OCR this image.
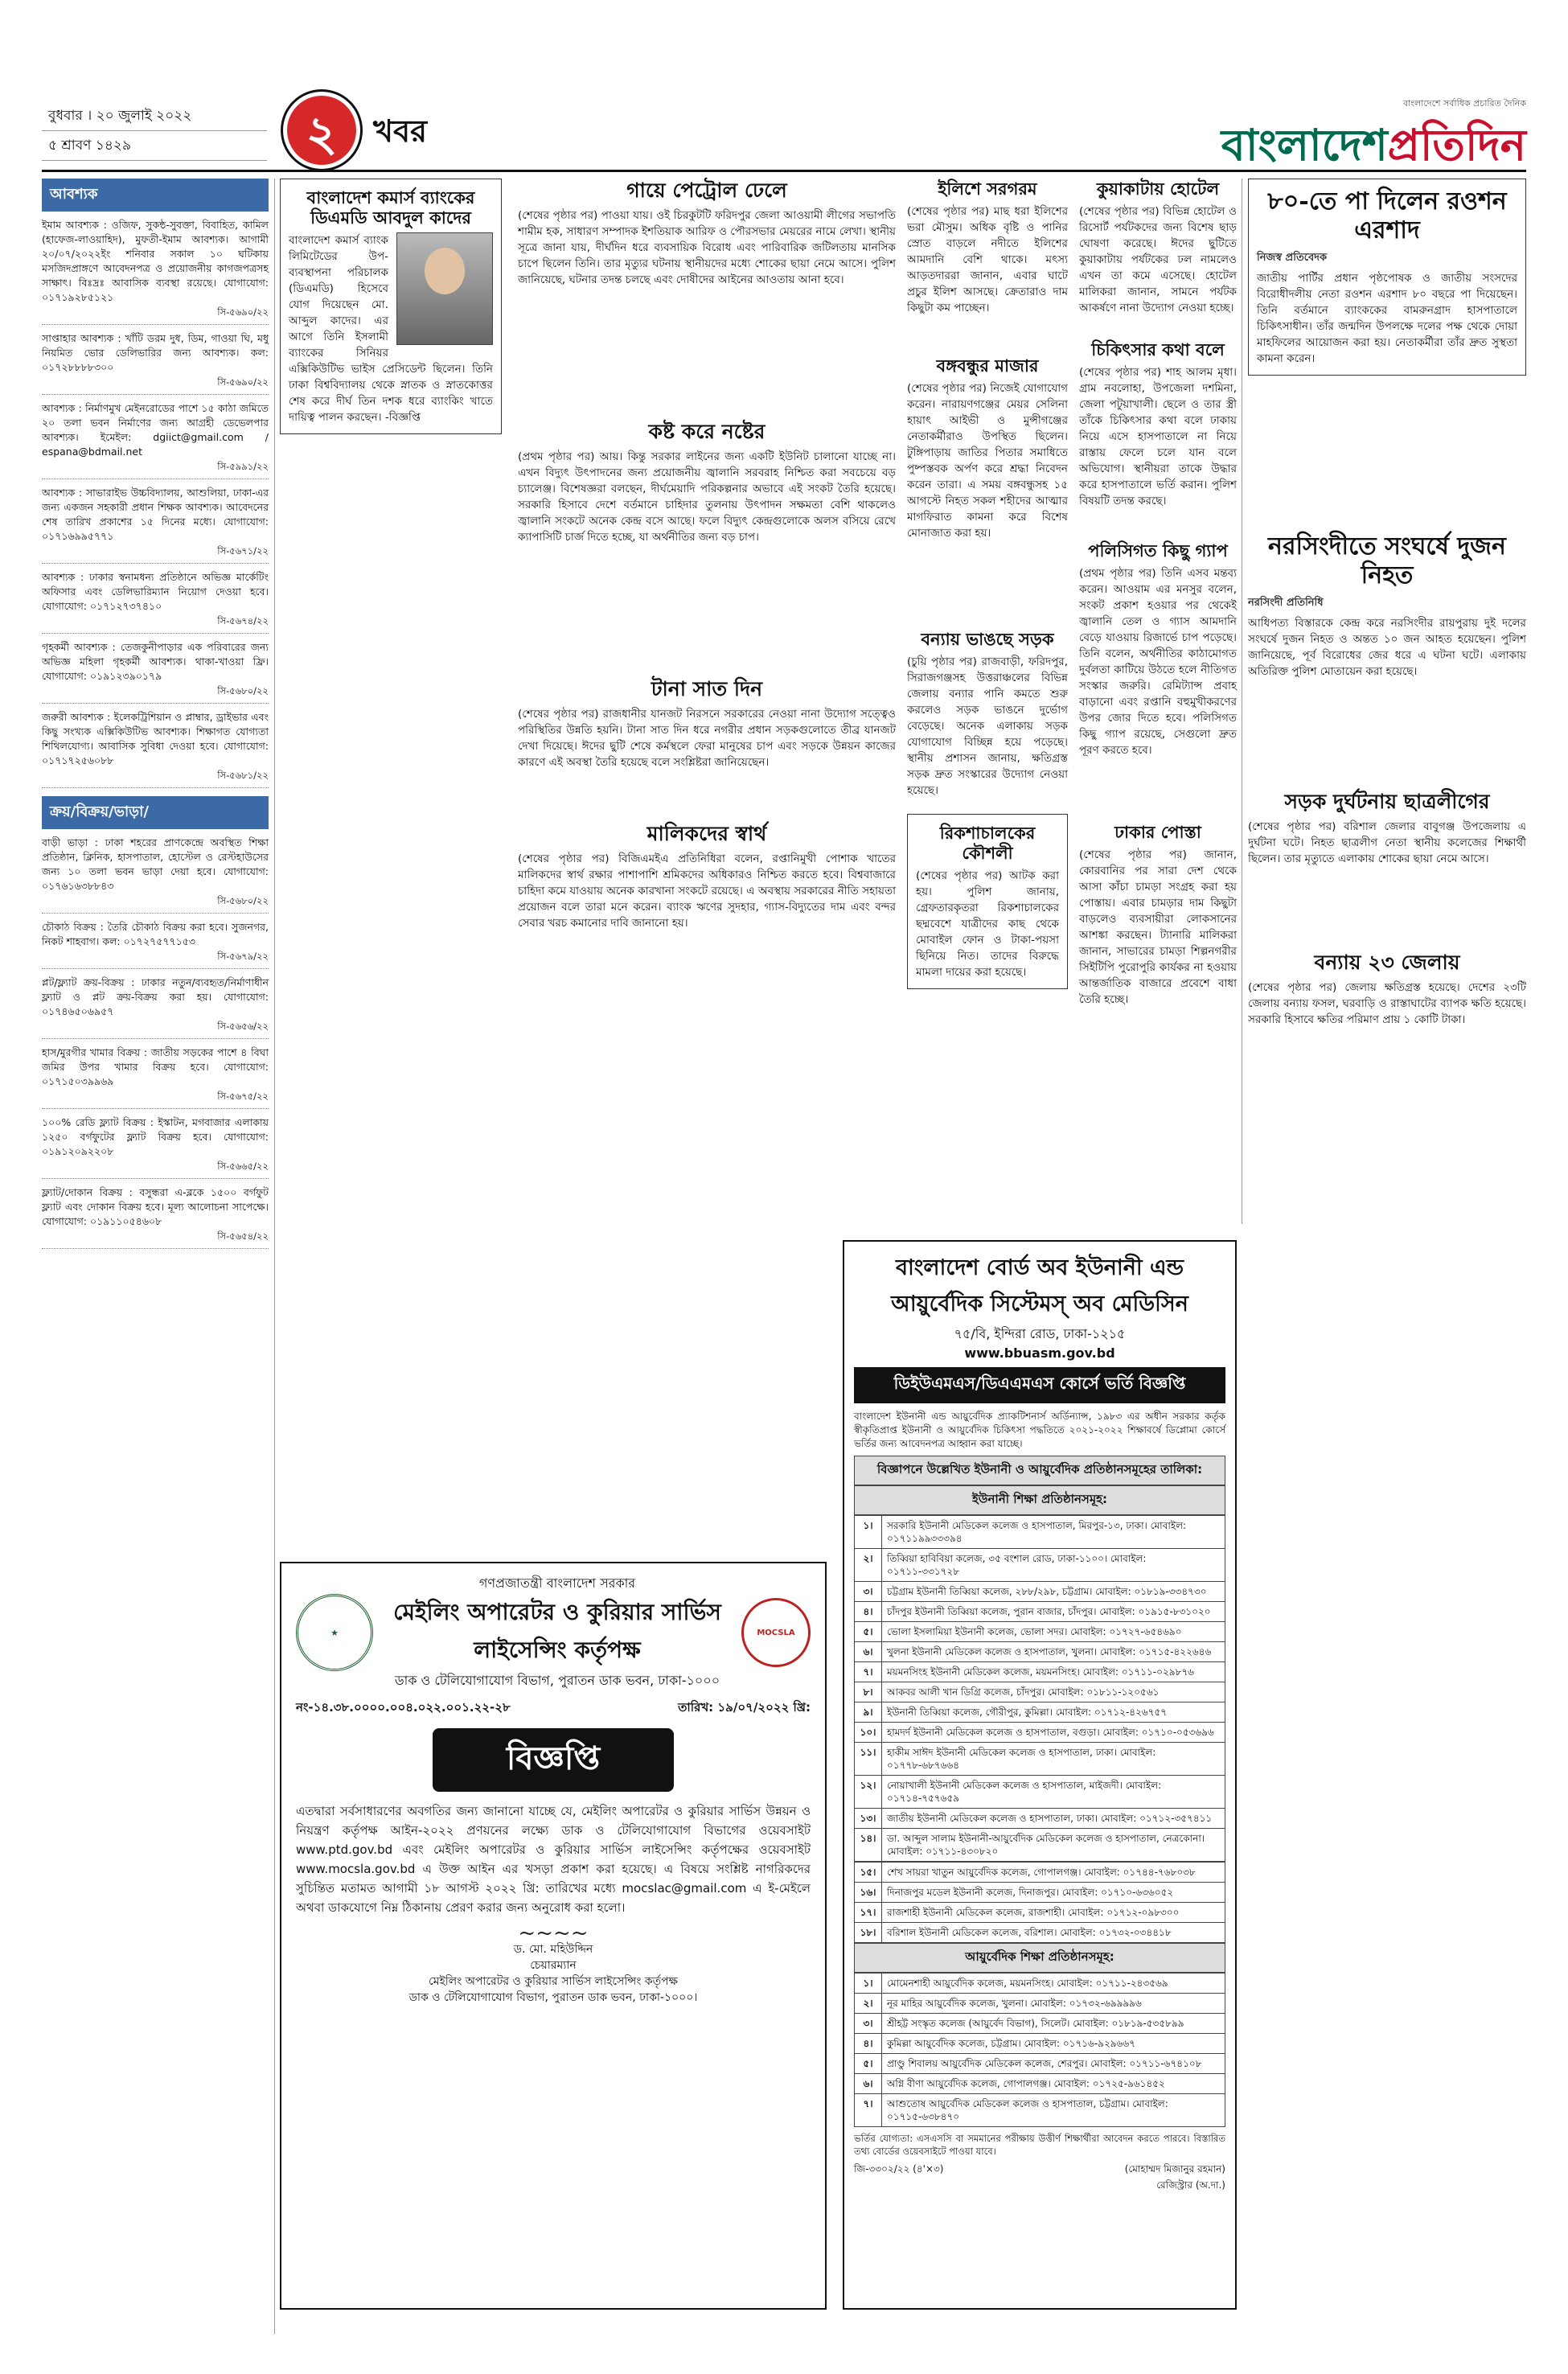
বুধবার । ২০ জুলাই ২০২২
৫ শ্রাবণ ১৪২৯	২	খবর
বাংলাদেশে সর্বাধিক প্রচারিত দৈনিক
বাংলাদেশপ্রতিদিন
আবশ্যক
ইমাম আবশ্যক : ওজিফ, সুকন্ঠ-সুবক্তা, বিবাহিত, কামিল (হাফেজ-লাওয়াহিদ), মুফতী-ইমাম আবশ্যক। আগামী ২০/০৭/২০২২ইং শনিবার সকাল ১০ ঘটিকায় মসজিদপ্রাঙ্গণে আবেদনপত্র ও প্রয়োজনীয় কাগজপত্রসহ সাক্ষাৎ। বিঃদ্রঃ আবাসিক ব্যবস্থা রয়েছে। যোগাযোগ: ০১৭১৯২৮৫১২১
সি-৫৬৯০/২২
সাপ্তাহার আবশ্যক : খাঁটি ডরম দুধ, ডিম, গাওয়া ঘি, মধু নিয়মিত ভোর ডেলিভারির জন্য আবশ্যক। কল: ০১৭২৮৮৮৮৩০০
সি-৫৬৯০/২২
আবশ্যক : নির্মাণমুখ মেইনরোডের পাশে ১৫ কাঠা জমিতে ২০ তলা ভবন নির্মাণের জন্য আগ্রহী ডেভেলপার আবশ্যক। ইমেইল: dgiict@gmail.com / espana@bdmail.net
সি-৫৯৯১/২২
আবশ্যক : সাভারাইভ উচ্চবিদ্যালয়, আশুলিয়া, ঢাকা-এর জন্য একজন সহকারী প্রধান শিক্ষক আবশ্যক। আবেদনের শেষ তারিখ প্রকাশের ১৫ দিনের মধ্যে। যোগাযোগ: ০১৭১৬৯৯৫৭৭১
সি-৫৬৭১/২২
আবশ্যক : ঢাকার স্বনামধন্য প্রতিষ্ঠানে অভিজ্ঞ মার্কেটিং অফিসার এবং ডেলিভারিম্যান নিয়োগ দেওয়া হবে। যোগাযোগ: ০১৭১২৭৩৭৪১০
সি-৫৬৭৪/২২
গৃহকর্মী আবশ্যক : তেজকুনীপাড়ার এক পরিবারের জন্য অভিজ্ঞ মহিলা গৃহকর্মী আবশ্যক। থাকা-খাওয়া ফ্রি। যোগাযোগ: ০১৯১২৩৯০১৭৯
সি-৫৬৮০/২২
জরুরী আবশ্যক : ইলেকট্রিশিয়ান ও প্লাম্বার, ড্রাইভার এবং কিছু সংখ্যক এক্সিকিউটিভ আবশ্যক। শিক্ষাগত যোগ্যতা শিথিলযোগ্য। আবাসিক সুবিধা দেওয়া হবে। যোগাযোগ: ০১৭১৭২৫৬০৮৮
সি-৫৬৮১/২২
ক্রয়/বিক্রয়/ভাড়া/
বাড়ী ভাড়া : ঢাকা শহরের প্রাণকেন্দ্রে অবস্থিত শিক্ষা প্রতিষ্ঠান, ক্লিনিক, হাসপাতাল, হোস্টেল ও রেস্টহাউসের জন্য ১০ তলা ভবন ভাড়া দেয়া হবে। যোগাযোগ: ০১৭৬১৬৩৮৮৪৩
সি-৫৬৮০/২২
চৌকাঠ বিক্রয় : তৈরি চৌকাঠ বিক্রয় করা হবে। সুজনগর, নিকট শাহবাগ। কল: ০১৭২৭৫৭৭১৫৩
সি-৫৬৭৯/২২
প্লট/ফ্ল্যাট ক্রয়-বিক্রয় : ঢাকার নতুন/ব্যবহৃত/নির্মাণাধীন ফ্ল্যাট ও প্লট ক্রয়-বিক্রয় করা হয়। যোগাযোগ: ০১৭৪৬৫০৬৯৫৭
সি-৫৬৫৬/২২
হাস/মুরগীর খামার বিক্রয় : জাতীয় সড়কের পাশে ৪ বিঘা জমির উপর খামার বিক্রয় হবে। যোগাযোগ: ০১৭১৫০৩৯৯৬৯
সি-৫৬৭৫/২২
১০০% রেডি ফ্ল্যাট বিক্রয় : ইস্কাটন, মগবাজার এলাকায় ১২৫০ বর্গফুটের ফ্ল্যাট বিক্রয় হবে। যোগাযোগ: ০১৯১২০৯২২০৮
সি-৫৬৬৫/২২
ফ্ল্যাট/দোকান বিক্রয় : বসুন্ধরা এ-ব্লকে ১৫০০ বর্গফুট ফ্ল্যাট এবং দোকান বিক্রয় হবে। মূল্য আলোচনা সাপেক্ষে। যোগাযোগ: ০১৯১১০৫৪৬০৮
সি-৫৬৫৪/২২
বাংলাদেশ কমার্স ব্যাংকের ডিএমডি আবদুল কাদের

বাংলাদেশ কমার্স ব্যাংক লিমিটেডের উপ-ব্যবস্থাপনা পরিচালক (ডিএমডি) হিসেবে যোগ দিয়েছেন মো. আব্দুল কাদের। এর আগে তিনি ইসলামী ব্যাংকের সিনিয়র এক্সিকিউটিভ ভাইস প্রেসিডেন্ট ছিলেন। তিনি ঢাকা বিশ্ববিদ্যালয় থেকে স্নাতক ও স্নাতকোত্তর শেষ করে দীর্ঘ তিন দশক ধরে ব্যাংকিং খাতে দায়িত্ব পালন করছেন। -বিজ্ঞপ্তি

গায়ে পেট্রোল ঢেলে

(শেষের পৃষ্ঠার পর) পাওয়া যায়। ওই চিরকুটটি ফরিদপুর জেলা আওয়ামী লীগের সভাপতি শামীম হক, সাধারণ সম্পাদক ইশতিয়াক আরিফ ও পৌরসভার মেয়রের নামে লেখা। স্থানীয় সূত্রে জানা যায়, দীর্ঘদিন ধরে ব্যবসায়িক বিরোধ এবং পারিবারিক জটিলতায় মানসিক চাপে ছিলেন তিনি। তার মৃত্যুর ঘটনায় স্থানীয়দের মধ্যে শোকের ছায়া নেমে আসে। পুলিশ জানিয়েছে, ঘটনার তদন্ত চলছে এবং দোষীদের আইনের আওতায় আনা হবে।

কষ্ট করে নষ্টের

(প্রথম পৃষ্ঠার পর) আয়। কিন্তু সরকার লাইনের জন্য একটি ইউনিট চালানো যাচ্ছে না। এখন বিদ্যুৎ উৎপাদনের জন্য প্রয়োজনীয় জ্বালানি সরবরাহ নিশ্চিত করা সবচেয়ে বড় চ্যালেঞ্জ। বিশেষজ্ঞরা বলছেন, দীর্ঘমেয়াদি পরিকল্পনার অভাবে এই সংকট তৈরি হয়েছে। সরকারি হিসাবে দেশে বর্তমানে চাহিদার তুলনায় উৎপাদন সক্ষমতা বেশি থাকলেও জ্বালানি সংকটে অনেক কেন্দ্র বসে আছে। ফলে বিদ্যুৎ কেন্দ্রগুলোকে অলস বসিয়ে রেখে ক্যাপাসিটি চার্জ দিতে হচ্ছে, যা অর্থনীতির জন্য বড় চাপ।

টানা সাত দিন

(শেষের পৃষ্ঠার পর) রাজধানীর যানজট নিরসনে সরকারের নেওয়া নানা উদ্যোগ সত্ত্বেও পরিস্থিতির উন্নতি হয়নি। টানা সাত দিন ধরে নগরীর প্রধান সড়কগুলোতে তীব্র যানজট দেখা দিয়েছে। ঈদের ছুটি শেষে কর্মস্থলে ফেরা মানুষের চাপ এবং সড়কে উন্নয়ন কাজের কারণে এই অবস্থা তৈরি হয়েছে বলে সংশ্লিষ্টরা জানিয়েছেন।

মালিকদের স্বার্থ

(শেষের পৃষ্ঠার পর) বিজিএমইএ প্রতিনিধিরা বলেন, রপ্তানিমুখী পোশাক খাতের মালিকদের স্বার্থ রক্ষার পাশাপাশি শ্রমিকদের অধিকারও নিশ্চিত করতে হবে। বিশ্ববাজারে চাহিদা কমে যাওয়ায় অনেক কারখানা সংকটে রয়েছে। এ অবস্থায় সরকারের নীতি সহায়তা প্রয়োজন বলে তারা মনে করেন। ব্যাংক ঋণের সুদহার, গ্যাস-বিদ্যুতের দাম এবং বন্দর সেবার খরচ কমানোর দাবি জানানো হয়।

ইলিশে সরগরম

(শেষের পৃষ্ঠার পর) মাছ ধরা ইলিশের ভরা মৌসুম। অধিক বৃষ্টি ও পানির স্রোত বাড়লে নদীতে ইলিশের আমদানি বেশি থাকে। মৎস্য আড়তদাররা জানান, এবার ঘাটে প্রচুর ইলিশ আসছে। ক্রেতারাও দাম কিছুটা কম পাচ্ছেন।

বঙ্গবন্ধুর মাজার

(শেষের পৃষ্ঠার পর) নিজেই যোগাযোগ করেন। নারায়ণগঞ্জের মেয়র সেলিনা হায়াৎ আইভী ও মুন্সীগঞ্জের নেতাকর্মীরাও উপস্থিত ছিলেন। টুঙ্গিপাড়ায় জাতির পিতার সমাধিতে পুষ্পস্তবক অর্পণ করে শ্রদ্ধা নিবেদন করেন তারা। এ সময় বঙ্গবন্ধুসহ ১৫ আগস্টে নিহত সকল শহীদের আত্মার মাগফিরাত কামনা করে বিশেষ মোনাজাত করা হয়।

বন্যায় ভাঙছে সড়ক

(চুয়ি পৃষ্ঠার পর) রাজবাড়ী, ফরিদপুর, সিরাজগঞ্জসহ উত্তরাঞ্চলের বিভিন্ন জেলায় বন্যার পানি কমতে শুরু করলেও সড়ক ভাঙনে দুর্ভোগ বেড়েছে। অনেক এলাকায় সড়ক যোগাযোগ বিচ্ছিন্ন হয়ে পড়েছে। স্থানীয় প্রশাসন জানায়, ক্ষতিগ্রস্ত সড়ক দ্রুত সংস্কারের উদ্যোগ নেওয়া হয়েছে।

রিকশাচালকের কৌশলী

(শেষের পৃষ্ঠার পর) আটক করা হয়। পুলিশ জানায়, গ্রেফতারকৃতরা রিকশাচালকের ছদ্মবেশে যাত্রীদের কাছ থেকে মোবাইল ফোন ও টাকা-পয়সা ছিনিয়ে নিত। তাদের বিরুদ্ধে মামলা দায়ের করা হয়েছে।

কুয়াকাটায় হোটেল

(শেষের পৃষ্ঠার পর) বিভিন্ন হোটেল ও রিসোর্ট পর্যটকদের জন্য বিশেষ ছাড় ঘোষণা করেছে। ঈদের ছুটিতে কুয়াকাটায় পর্যটকের ঢল নামলেও এখন তা কমে এসেছে। হোটেল মালিকরা জানান, সামনে পর্যটক আকর্ষণে নানা উদ্যোগ নেওয়া হচ্ছে।

চিকিৎসার কথা বলে

(শেষের পৃষ্ঠার পর) শাহ আলম মৃধা। গ্রাম নবলোহা, উপজেলা দশমিনা, জেলা পটুয়াখালী। ছেলে ও তার স্ত্রী তাঁকে চিকিৎসার কথা বলে ঢাকায় নিয়ে এসে হাসপাতালে না নিয়ে রাস্তায় ফেলে চলে যান বলে অভিযোগ। স্থানীয়রা তাকে উদ্ধার করে হাসপাতালে ভর্তি করান। পুলিশ বিষয়টি তদন্ত করছে।

পলিসিগত কিছু গ্যাপ

(প্রথম পৃষ্ঠার পর) তিনি এসব মন্তব্য করেন। আওয়াম এর মনসুর বলেন, সংকট প্রকাশ হওয়ার পর থেকেই জ্বালানি তেল ও গ্যাস আমদানি বেড়ে যাওয়ায় রিজার্ভে চাপ পড়েছে। তিনি বলেন, অর্থনীতির কাঠামোগত দুর্বলতা কাটিয়ে উঠতে হলে নীতিগত সংস্কার জরুরি। রেমিট্যান্স প্রবাহ বাড়ানো এবং রপ্তানি বহুমুখীকরণের উপর জোর দিতে হবে। পলিসিগত কিছু গ্যাপ রয়েছে, সেগুলো দ্রুত পূরণ করতে হবে।

ঢাকার পোস্তা

(শেষের পৃষ্ঠার পর) জানান, কোরবানির পর সারা দেশ থেকে আসা কাঁচা চামড়া সংগ্রহ করা হয় পোস্তায়। এবার চামড়ার দাম কিছুটা বাড়লেও ব্যবসায়ীরা লোকসানের আশঙ্কা করছেন। ট্যানারি মালিকরা জানান, সাভারের চামড়া শিল্পনগরীর সিইটিপি পুরোপুরি কার্যকর না হওয়ায় আন্তর্জাতিক বাজারে প্রবেশে বাধা তৈরি হচ্ছে।

★
গণপ্রজাতন্ত্রী বাংলাদেশ সরকার
মেইলিং অপারেটর ও কুরিয়ার সার্ভিস লাইসেন্সিং কর্তৃপক্ষ
ডাক ও টেলিযোগাযোগ বিভাগ, পুরাতন ডাক ভবন, ঢাকা-১০০০
MOCSLA
নং-১৪.৩৮.০০০০.০০৪.০২২.০০১.২২-২৮	তারিখ: ১৯/০৭/২০২২ খ্রি:
বিজ্ঞপ্তি

এতদ্বারা সর্বসাধারণের অবগতির জন্য জানানো যাচ্ছে যে, মেইলিং অপারেটর ও কুরিয়ার সার্ভিস উন্নয়ন ও নিয়ন্ত্রণ কর্তৃপক্ষ আইন-২০২২ প্রণয়নের লক্ষ্যে ডাক ও টেলিযোগাযোগ বিভাগের ওয়েবসাইট www.ptd.gov.bd এবং মেইলিং অপারেটর ও কুরিয়ার সার্ভিস লাইসেন্সিং কর্তৃপক্ষের ওয়েবসাইট www.mocsla.gov.bd এ উক্ত আইন এর খসড়া প্রকাশ করা হয়েছে। এ বিষয়ে সংশ্লিষ্ট নাগরিকদের সুচিন্তিত মতামত আগামী ১৮ আগস্ট ২০২২ খ্রি: তারিখের মধ্যে mocslac@gmail.com এ ই-মেইলে অথবা ডাকযোগে নিম্ন ঠিকানায় প্রেরণ করার জন্য অনুরোধ করা হলো।

~~~~
ড. মো. মহিউদ্দিন
চেয়ারম্যান
মেইলিং অপারেটর ও কুরিয়ার সার্ভিস লাইসেন্সিং কর্তৃপক্ষ
ডাক ও টেলিযোগাযোগ বিভাগ, পুরাতন ডাক ভবন, ঢাকা-১০০০।
বাংলাদেশ বোর্ড অব ইউনানী এন্ড আয়ুর্বেদিক সিস্টেমস্ অব মেডিসিন
৭৫/বি, ইন্দিরা রোড, ঢাকা-১২১৫
www.bbuasm.gov.bd
ডিইউএমএস/ডিএএমএস কোর্সে ভর্তি বিজ্ঞপ্তি

বাংলাদেশ ইউনানী এন্ড আয়ুর্বেদিক প্র্যাকটিশনার্স অর্ডিন্যান্স, ১৯৮৩ এর অধীন সরকার কর্তৃক স্বীকৃতিপ্রাপ্ত ইউনানী ও আয়ুর্বেদিক চিকিৎসা পদ্ধতিতে ২০২১-২০২২ শিক্ষাবর্ষে ডিপ্লোমা কোর্সে ভর্তির জন্য আবেদনপত্র আহ্বান করা যাচ্ছে।

বিজ্ঞাপনে উল্লেখিত ইউনানী ও আয়ুর্বেদিক প্রতিষ্ঠানসমূহের তালিকা:
ইউনানী শিক্ষা প্রতিষ্ঠানসমূহ:
১।	সরকারি ইউনানী মেডিকেল কলেজ ও হাসপাতাল, মিরপুর-১৩, ঢাকা। মোবাইল: ০১৭১১৯৯৩৩৩৯৪
২।	তিব্বিয়া হাবিবিয়া কলেজ, ৩৫ বংশাল রোড, ঢাকা-১১০০। মোবাইল: ০১৭১১-৩৩১৭২৮
৩।	চট্টগ্রাম ইউনানী তিব্বিয়া কলেজ, ২৮৮/২৯৮, চট্টগ্রাম। মোবাইল: ০১৮১৯-৩৩৪৭৩০
৪।	চাঁদপুর ইউনানী তিব্বিয়া কলেজ, পুরান বাজার, চাঁদপুর। মোবাইল: ০১৯১৫-৮৩১০২০
৫।	ভোলা ইসলামিয়া ইউনানী কলেজ, ভোলা সদর। মোবাইল: ০১৭২৭-৬৫৪৬৯০
৬।	খুলনা ইউনানী মেডিকেল কলেজ ও হাসপাতাল, খুলনা। মোবাইল: ০১৭১৫-৪২২৬৪৬
৭।	ময়মনসিংহ ইউনানী মেডিকেল কলেজ, ময়মনসিংহ। মোবাইল: ০১৭১১-০২৯৮৭৬
৮।	আকবর আলী খান ডিগ্রি কলেজ, চাঁদপুর। মোবাইল: ০১৮১১-১২০৫৬১
৯।	ইউনানী তিব্বিয়া কলেজ, গৌরীপুর, কুমিল্লা। মোবাইল: ০১৭১২-৪২৬৭৫৭
১০।	হামদর্দ ইউনানী মেডিকেল কলেজ ও হাসপাতাল, বগুড়া। মোবাইল: ০১৭১০-০৫৩৬৯৬
১১।	হাকীম সাঈদ ইউনানী মেডিকেল কলেজ ও হাসপাতাল, ঢাকা। মোবাইল: ০১৭৭৮-৬৮৭৬৬৪
১২।	নোয়াখালী ইউনানী মেডিকেল কলেজ ও হাসপাতাল, মাইজদী। মোবাইল: ০১৭১৪-৭৫৭৬৫৯
১৩।	জাতীয় ইউনানী মেডিকেল কলেজ ও হাসপাতাল, ঢাকা। মোবাইল: ০১৭১২-৩৫৭৪১১
১৪।	ডা. আব্দুল সালাম ইউনানী-আয়ুর্বেদিক মেডিকেল কলেজ ও হাসপাতাল, নেত্রকোনা। মোবাইল: ০১৭১১-৪৩০৮২০
১৫।	শেখ সায়রা খাতুন আয়ুর্বেদিক কলেজ, গোপালগঞ্জ। মোবাইল: ০১৭৪৪-৭৬৮০৩৮
১৬।	দিনাজপুর মডেল ইউনানী কলেজ, দিনাজপুর। মোবাইল: ০১৭১০-৬৩৬০৫২
১৭।	রাজশাহী ইউনানী মেডিকেল কলেজ, রাজশাহী। মোবাইল: ০১৭১২-০৯৮৩০০
১৮।	বরিশাল ইউনানী মেডিকেল কলেজ, বরিশাল। মোবাইল: ০১৭৩২-০৩৪৪১৮
আয়ুর্বেদিক শিক্ষা প্রতিষ্ঠানসমূহ:
১।	মোমেনশাহী আয়ুর্বেদিক কলেজ, ময়মনসিংহ। মোবাইল: ০১৭১১-২৪৩৫৬৯
২।	নূর মাহির আয়ুর্বেদিক কলেজ, খুলনা। মোবাইল: ০১৭৩২-৬৯৯৯৯৬
৩।	শ্রীহট্ট সংস্কৃত কলেজ (আয়ুর্বেদ বিভাগ), সিলেট। মোবাইল: ০১৮১৯-৫৩৫৮৯৯
৪।	কুমিল্লা আয়ুর্বেদিক কলেজ, চট্টগ্রাম। মোবাইল: ০১৭১৬-৯২৯৬৬৭
৫।	প্রাণ্ডু শিবালয় আয়ুর্বেদিক মেডিকেল কলেজ, শেরপুর। মোবাইল: ০১৭১১-৬৭৪১০৮
৬।	অগ্নি বীণা আয়ুর্বেদিক কলেজ, গোপালগঞ্জ। মোবাইল: ০১৭২৫-৯৬১৪৫২
৭।	আশুতোষ আয়ুর্বেদিক মেডিকেল কলেজ ও হাসপাতাল, চট্টগ্রাম। মোবাইল: ০১৭১৫-৬৩৮৪৭০

ভর্তির যোগ্যতা: এসএসসি বা সমমানের পরীক্ষায় উত্তীর্ণ শিক্ষার্থীরা আবেদন করতে পারবে। বিস্তারিত তথ্য বোর্ডের ওয়েবসাইটে পাওয়া যাবে।

জি-৩৩০২/২২ (৪'×৩)	(মোহাম্মদ মিজানুর রহমান)
রেজিস্ট্রার (অ.দা.)
৮০-তে পা দিলেন রওশন এরশাদ
নিজস্ব প্রতিবেদক

জাতীয় পার্টির প্রধান পৃষ্ঠপোষক ও জাতীয় সংসদের বিরোধীদলীয় নেতা রওশন এরশাদ ৮০ বছরে পা দিয়েছেন। তিনি বর্তমানে ব্যাংককের বামরুনগ্রাদ হাসপাতালে চিকিৎসাধীন। তাঁর জন্মদিন উপলক্ষে দলের পক্ষ থেকে দোয়া মাহফিলের আয়োজন করা হয়। নেতাকর্মীরা তাঁর দ্রুত সুস্থতা কামনা করেন।

নরসিংদীতে সংঘর্ষে দুজন নিহত
নরসিংদী প্রতিনিধি

আধিপত্য বিস্তারকে কেন্দ্র করে নরসিংদীর রায়পুরায় দুই দলের সংঘর্ষে দুজন নিহত ও অন্তত ১০ জন আহত হয়েছেন। পুলিশ জানিয়েছে, পূর্ব বিরোধের জের ধরে এ ঘটনা ঘটে। এলাকায় অতিরিক্ত পুলিশ মোতায়েন করা হয়েছে।

সড়ক দুর্ঘটনায় ছাত্রলীগের

(শেষের পৃষ্ঠার পর) বরিশাল জেলার বাবুগঞ্জ উপজেলায় এ দুর্ঘটনা ঘটে। নিহত ছাত্রলীগ নেতা স্থানীয় কলেজের শিক্ষার্থী ছিলেন। তার মৃত্যুতে এলাকায় শোকের ছায়া নেমে আসে।

বন্যায় ২৩ জেলায়

(শেষের পৃষ্ঠার পর) জেলায় ক্ষতিগ্রস্ত হয়েছে। দেশের ২৩টি জেলায় বন্যায় ফসল, ঘরবাড়ি ও রাস্তাঘাটের ব্যাপক ক্ষতি হয়েছে। সরকারি হিসাবে ক্ষতির পরিমাণ প্রায় ১ কোটি টাকা।
